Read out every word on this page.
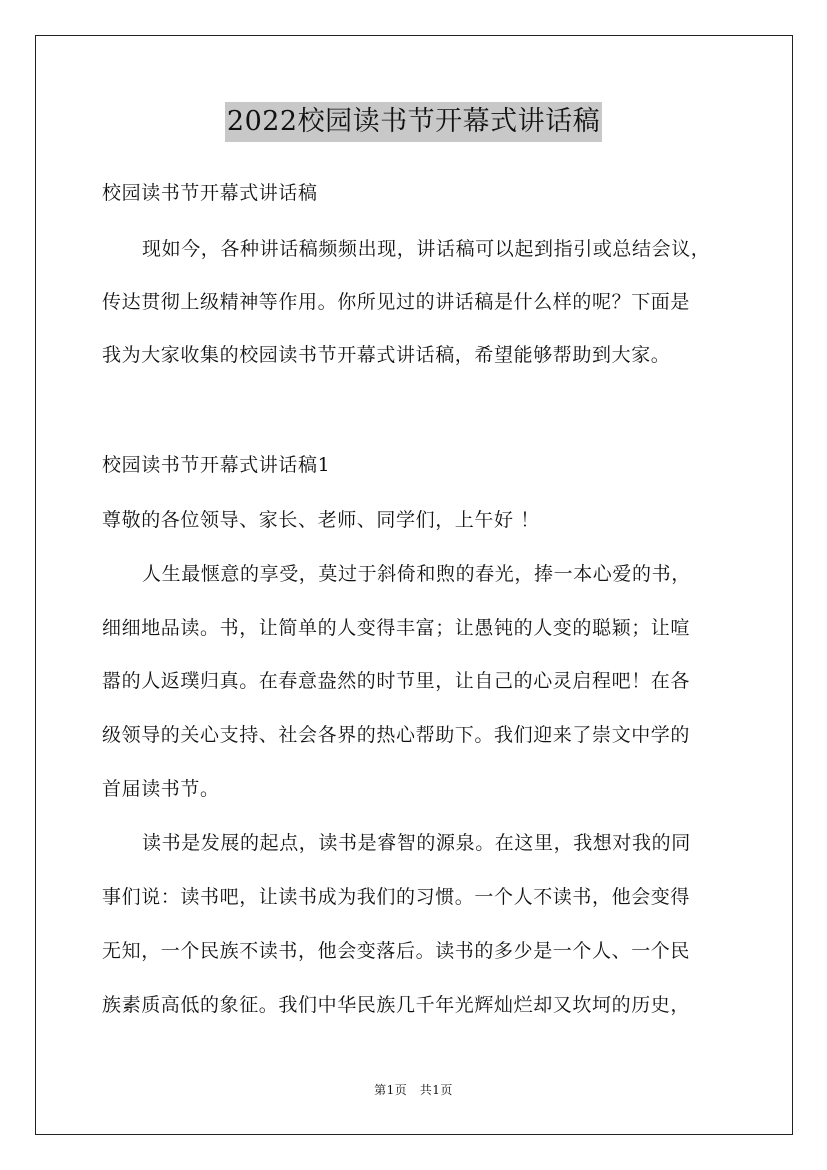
2022校园读书节开幕式讲话稿
校园读书节开幕式讲话稿
现如今，各种讲话稿频频出现，讲话稿可以起到指引或总结会议，
传达贯彻上级精神等作用。你所见过的讲话稿是什么样的呢？下面是
我为大家收集的校园读书节开幕式讲话稿，希望能够帮助到大家。
校园读书节开幕式讲话稿1
尊敬的各位领导、家长、老师、同学们，上午好 ！
人生最惬意的享受，莫过于斜倚和煦的春光，捧一本心爱的书，
细细地品读。书，让简单的人变得丰富；让愚钝的人变的聪颖；让喧
嚣的人返璞归真。在春意盎然的时节里，让自己的心灵启程吧！在各
级领导的关心支持、社会各界的热心帮助下。我们迎来了崇文中学的
首届读书节。
读书是发展的起点，读书是睿智的源泉。在这里，我想对我的同
事们说：读书吧，让读书成为我们的习惯。一个人不读书，他会变得
无知，一个民族不读书，他会变落后。读书的多少是一个人、一个民
族素质高低的象征。我们中华民族几千年光辉灿烂却又坎坷的历史，
第1页　共1页
